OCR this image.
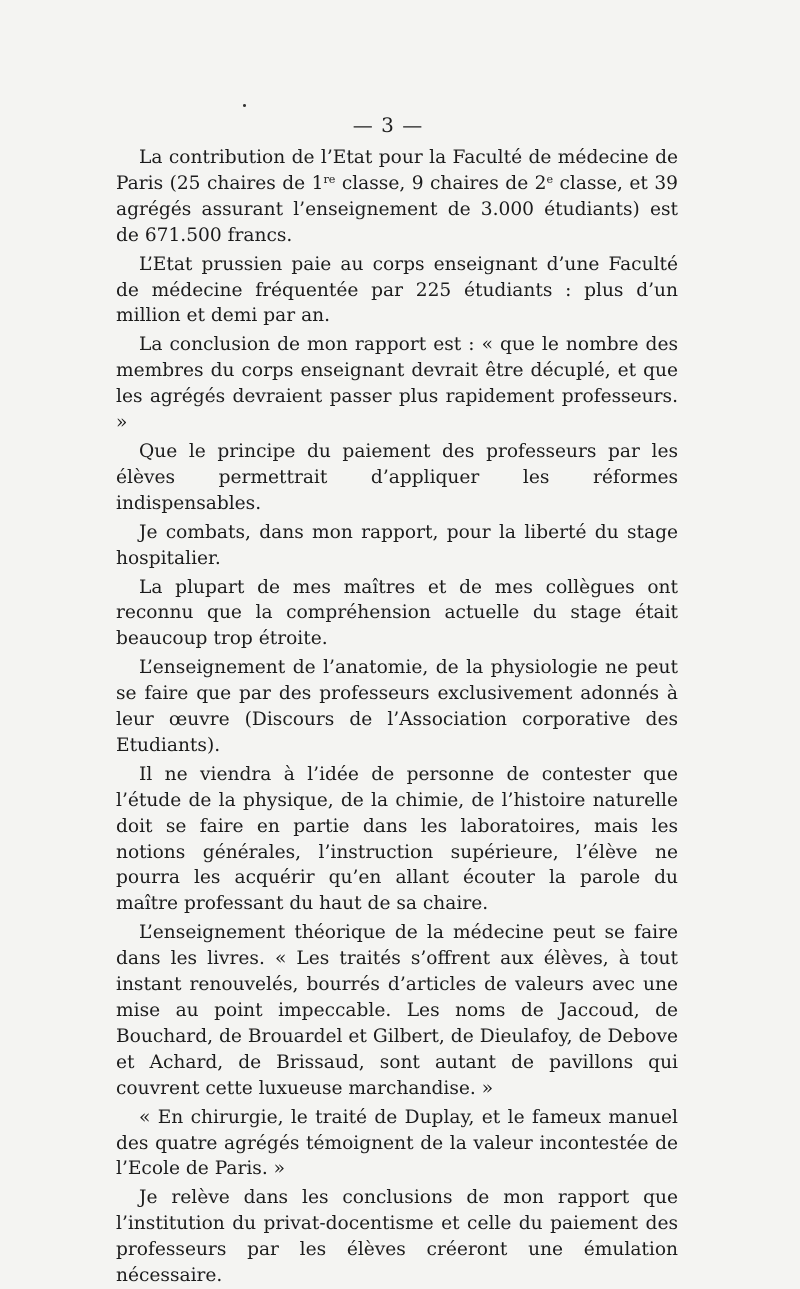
— 3 —

La contribution de l’Etat pour la Faculté de médecine de Paris (25 chaires de 1re classe, 9 chaires de 2e classe, et 39 agrégés assurant l’enseignement de 3.000 étudiants) est de 671.500 francs.

L’Etat prussien paie au corps enseignant d’une Faculté de médecine fréquentée par 225 étudiants : plus d’un million et demi par an.

La conclusion de mon rapport est : « que le nombre des membres du corps enseignant devrait être décuplé, et que les agrégés devraient passer plus rapidement professeurs. »

Que le principe du paiement des professeurs par les élèves permettrait d’appliquer les réformes indispensables.

Je combats, dans mon rapport, pour la liberté du stage hospitalier.

La plupart de mes maîtres et de mes collègues ont reconnu que la compréhension actuelle du stage était beaucoup trop étroite.

L’enseignement de l’anatomie, de la physiologie ne peut se faire que par des professeurs exclusivement adonnés à leur œuvre (Discours de l’Association corporative des Etudiants).

Il ne viendra à l’idée de personne de contester que l’étude de la physique, de la chimie, de l’histoire naturelle doit se faire en partie dans les laboratoires, mais les notions générales, l’instruction supérieure, l’élève ne pourra les acquérir qu’en allant écouter la parole du maître professant du haut de sa chaire.

L’enseignement théorique de la médecine peut se faire dans les livres. « Les traités s’offrent aux élèves, à tout instant renouvelés, bourrés d’articles de valeurs avec une mise au point impeccable. Les noms de Jaccoud, de Bouchard, de Brouardel et Gilbert, de Dieulafoy, de Debove et Achard, de Brissaud, sont autant de pavillons qui couvrent cette luxueuse marchandise. »

« En chirurgie, le traité de Duplay, et le fameux manuel des quatre agrégés témoignent de la valeur incontestée de l’Ecole de Paris. »

Je relève dans les conclusions de mon rapport que l’institution du privat-docentisme et celle du paiement des professeurs par les élèves créeront une émulation nécessaire.
